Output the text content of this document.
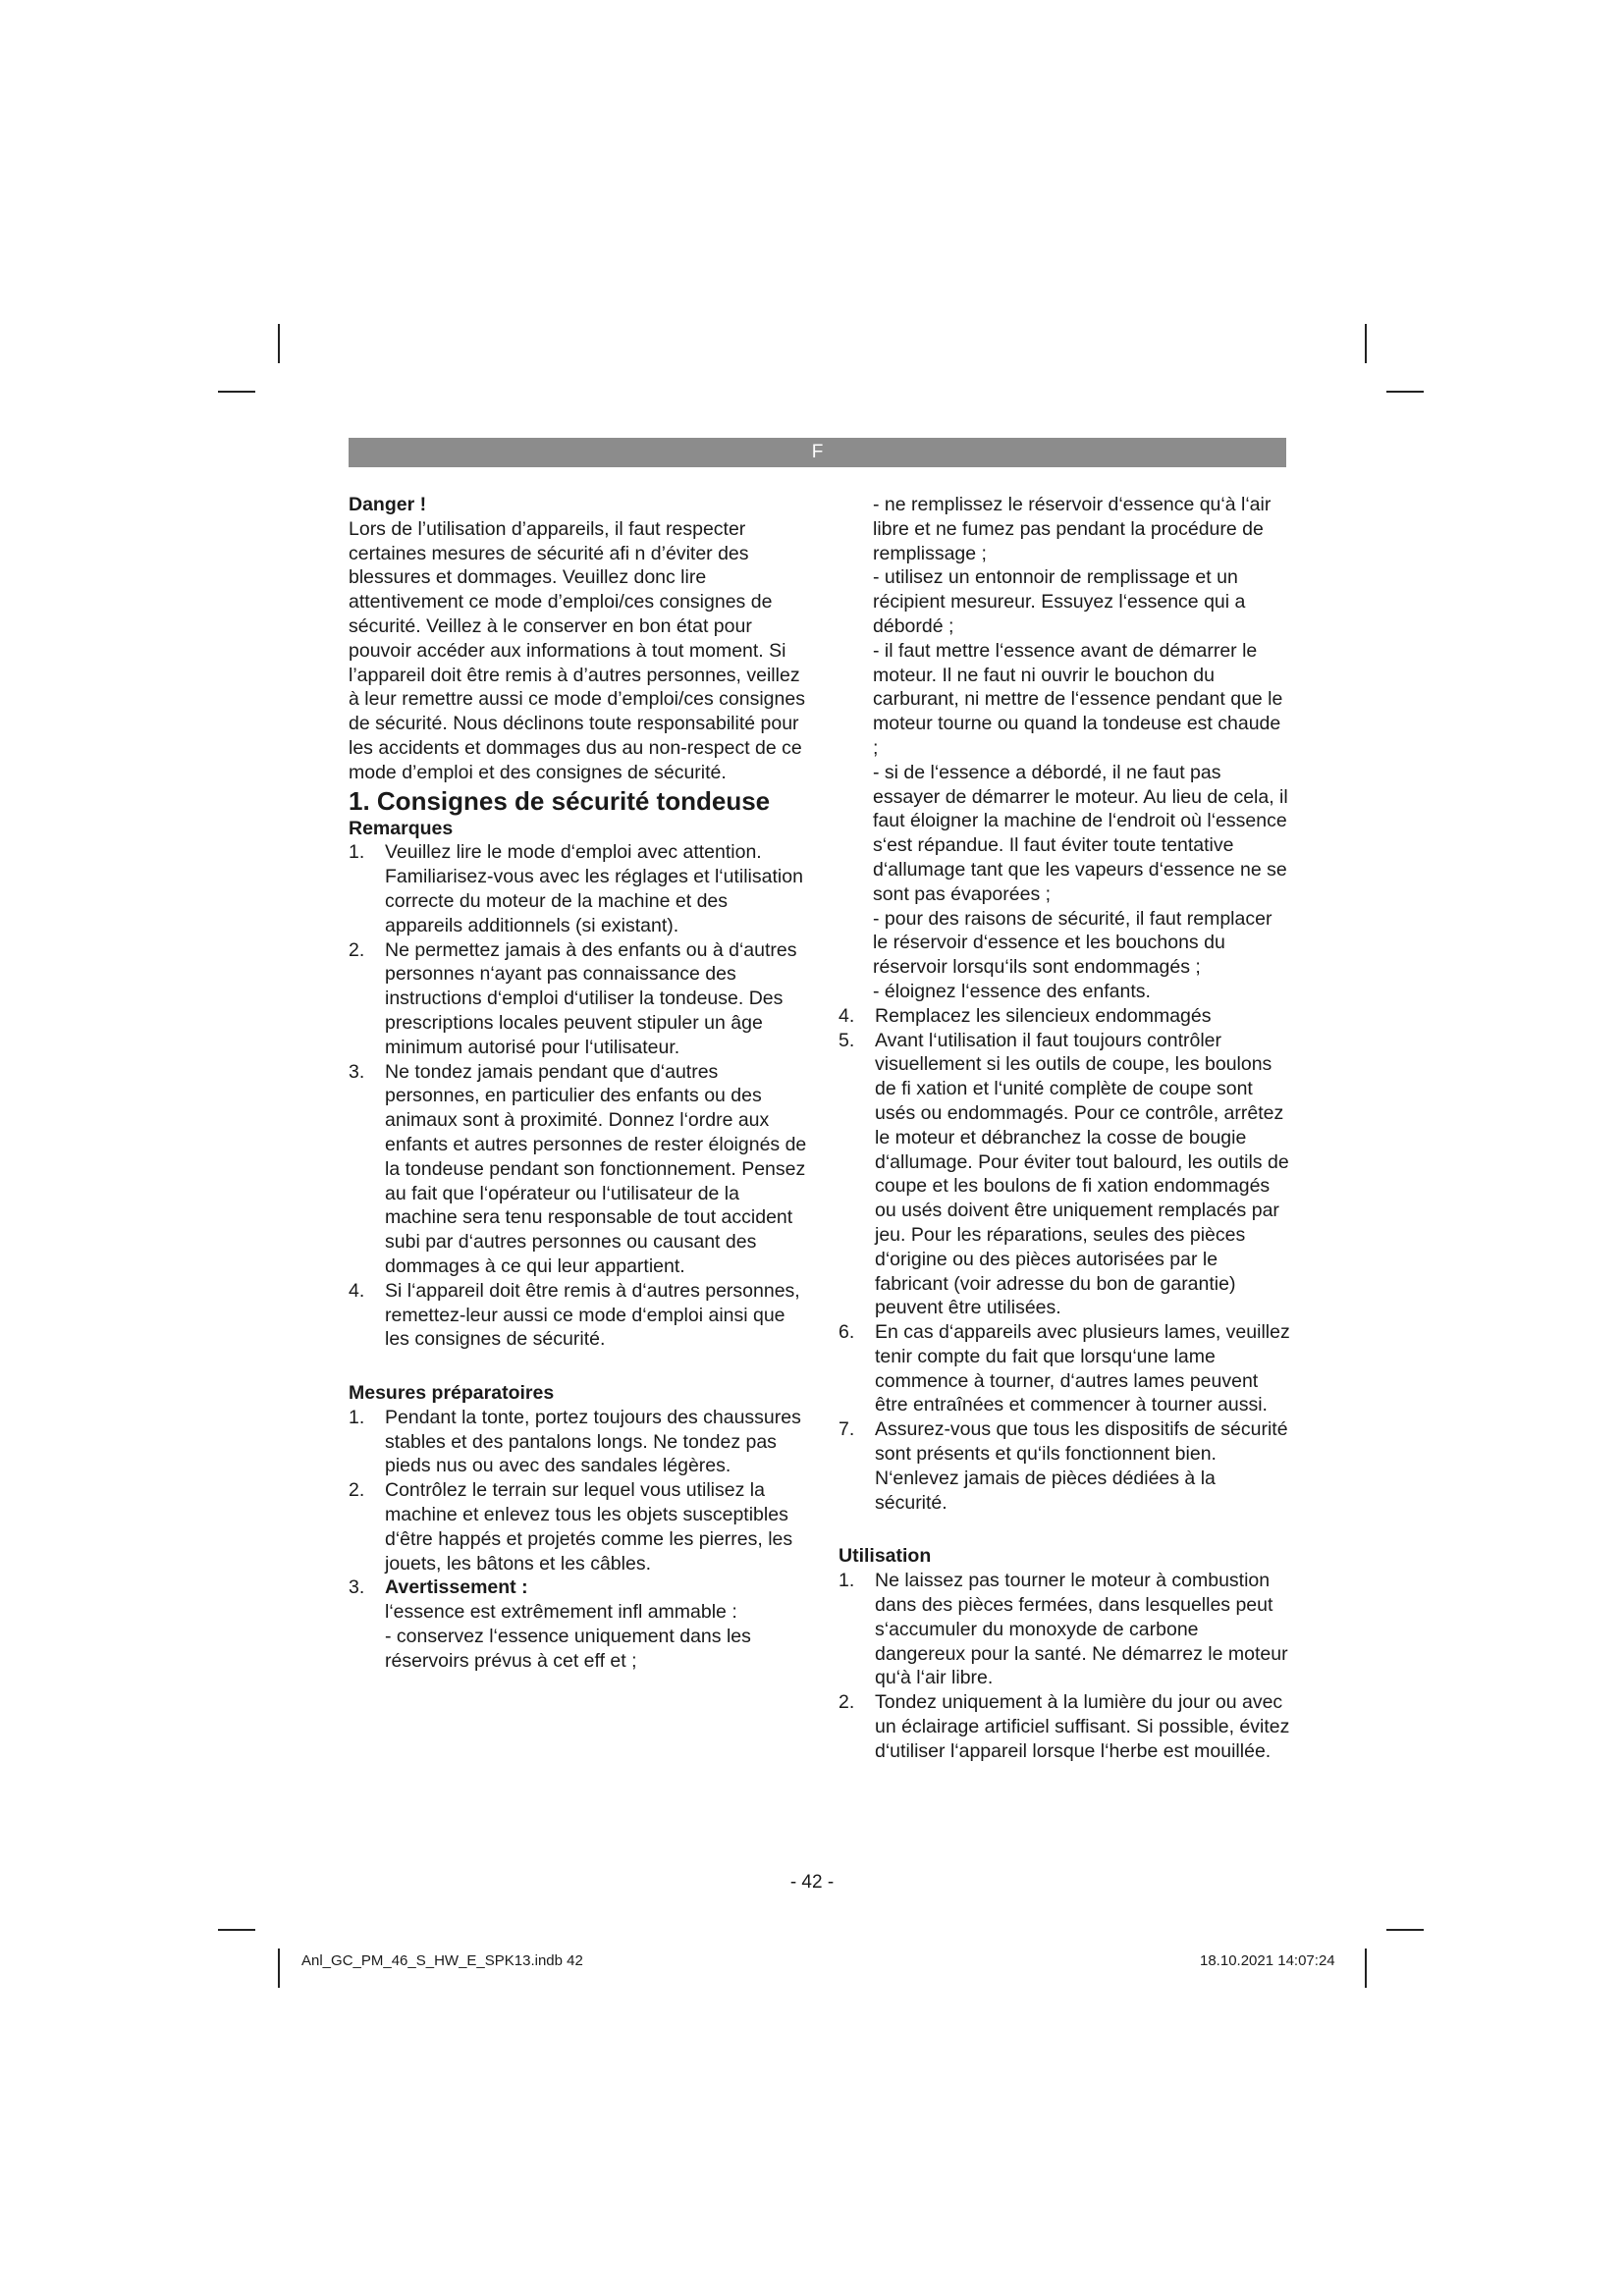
F

Danger !

Lors de l’utilisation d’appareils, il faut respecter certaines mesures de sécurité afi n d’éviter des blessures et dommages. Veuillez donc lire attentivement ce mode d’emploi/ces consignes de sécurité. Veillez à le conserver en bon état pour pouvoir accéder aux informations à tout moment. Si l’appareil doit être remis à d’autres personnes, veillez à leur remettre aussi ce mode d’emploi/ces consignes de sécurité. Nous déclinons toute responsabilité pour les accidents et dommages dus au non-respect de ce mode d’emploi et des consignes de sécurité.

1. Consignes de sécurité tondeuse

Remarques

1. Veuillez lire le mode d‘emploi avec attention. Familiarisez-vous avec les réglages et l‘utilisation correcte du moteur de la machine et des appareils additionnels (si existant).
2. Ne permettez jamais à des enfants ou à d‘autres personnes n‘ayant pas connaissance des instructions d‘emploi d‘utiliser la tondeuse. Des prescriptions locales peuvent stipuler un âge minimum autorisé pour l‘utilisateur.
3. Ne tondez jamais pendant que d‘autres personnes, en particulier des enfants ou des animaux sont à proximité. Donnez l‘ordre aux enfants et autres personnes de rester éloignés de la tondeuse pendant son fonctionnement. Pensez au fait que l‘opérateur ou l‘utilisateur de la machine sera tenu responsable de tout accident subi par d‘autres personnes ou causant des dommages à ce qui leur appartient.
4. Si l‘appareil doit être remis à d‘autres personnes, remettez-leur aussi ce mode d‘emploi ainsi que les consignes de sécurité.

Mesures préparatoires

1. Pendant la tonte, portez toujours des chaussures stables et des pantalons longs. Ne tondez pas pieds nus ou avec des sandales légères.
2. Contrôlez le terrain sur lequel vous utilisez la machine et enlevez tous les objets susceptibles d‘être happés et projetés comme les pierres, les jouets, les bâtons et les câbles.
3. Avertissement :
l‘essence est extrêmement infl ammable :
- conservez l‘essence uniquement dans les réservoirs prévus à cet eff et ;

- ne remplissez le réservoir d‘essence qu‘à l‘air libre et ne fumez pas pendant la procédure de remplissage ;

- utilisez un entonnoir de remplissage et un récipient mesureur. Essuyez l‘essence qui a débordé ;

- il faut mettre l‘essence avant de démarrer le moteur. Il ne faut ni ouvrir le bouchon du carburant, ni mettre de l‘essence pendant que le moteur tourne ou quand la tondeuse est chaude ;

- si de l‘essence a débordé, il ne faut pas essayer de démarrer le moteur. Au lieu de cela, il faut éloigner la machine de l‘endroit où l‘essence s‘est répandue. Il faut éviter toute tentative d‘allumage tant que les vapeurs d‘essence ne se sont pas évaporées ;

- pour des raisons de sécurité, il faut remplacer le réservoir d‘essence et les bouchons du réservoir lorsqu‘ils sont endommagés ;

- éloignez l‘essence des enfants.

4. Remplacez les silencieux endommagés
5. Avant l‘utilisation il faut toujours contrôler visuellement si les outils de coupe, les boulons de fi xation et l‘unité complète de coupe sont usés ou endommagés. Pour ce contrôle, arrêtez le moteur et débranchez la cosse de bougie d‘allumage. Pour éviter tout balourd, les outils de coupe et les boulons de fi xation endommagés ou usés doivent être uniquement remplacés par jeu. Pour les réparations, seules des pièces d‘origine ou des pièces autorisées par le fabricant (voir adresse du bon de garantie) peuvent être utilisées.
6. En cas d‘appareils avec plusieurs lames, veuillez tenir compte du fait que lorsqu‘une lame commence à tourner, d‘autres lames peuvent être entraînées et commencer à tourner aussi.
7. Assurez-vous que tous les dispositifs de sécurité sont présents et qu‘ils fonctionnent bien. N‘enlevez jamais de pièces dédiées à la sécurité.

Utilisation

1. Ne laissez pas tourner le moteur à combustion dans des pièces fermées, dans lesquelles peut s‘accumuler du monoxyde de carbone dangereux pour la santé. Ne démarrez le moteur qu‘à l‘air libre.
2. Tondez uniquement à la lumière du jour ou avec un éclairage artificiel suffisant. Si possible, évitez d‘utiliser l‘appareil lorsque l‘herbe est mouillée.
- 42 -
Anl_GC_PM_46_S_HW_E_SPK13.indb 42	18.10.2021 14:07:24
